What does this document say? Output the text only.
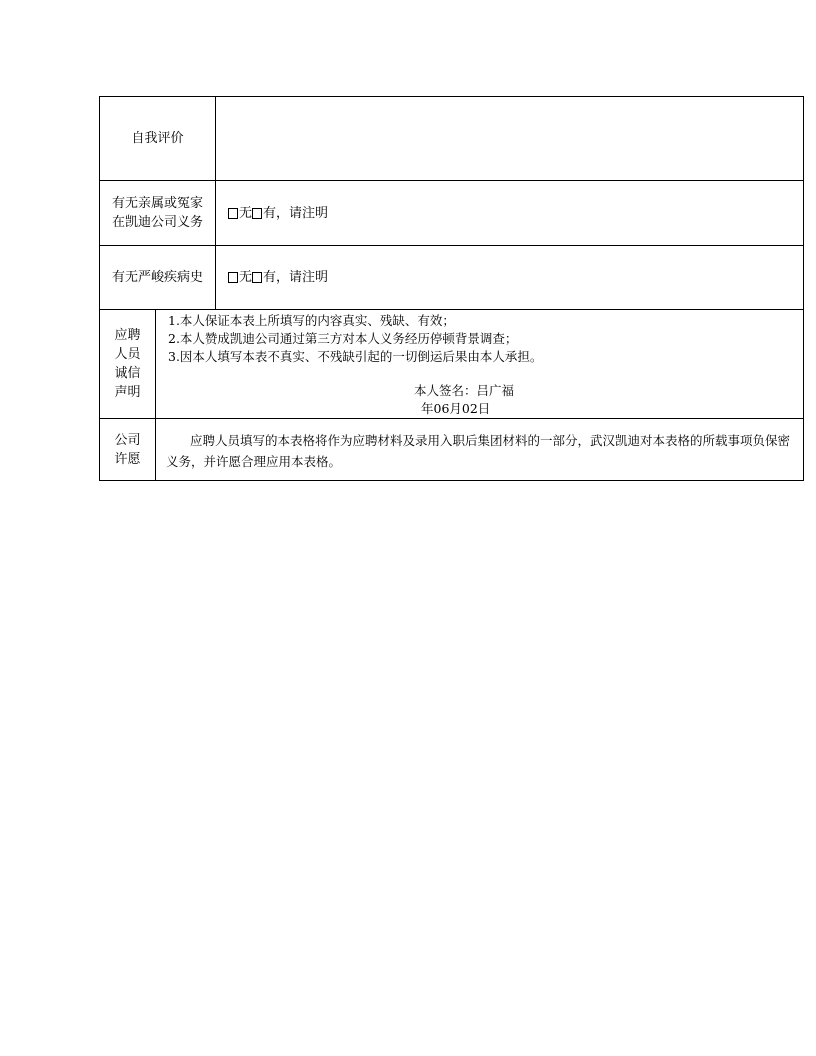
自我评价
有无亲属或冤家
在凯迪公司义务
无 有，请注明
有无严峻疾病史	无 有，请注明
应聘
人员
诚信
声明
1.本人保证本表上所填写的内容真实、残缺、有效；
2.本人赞成凯迪公司通过第三方对本人义务经历停顿背景调查；
3.因本人填写本表不真实、不残缺引起的一切倒运后果由本人承担。
本人签名：吕广福
年06月02日
公司
许愿
应聘人员填写的本表格将作为应聘材料及录用入职后集团材料的一部分，武汉凯迪对本表格的所载事项负保密义务，并许愿合理应用本表格。
